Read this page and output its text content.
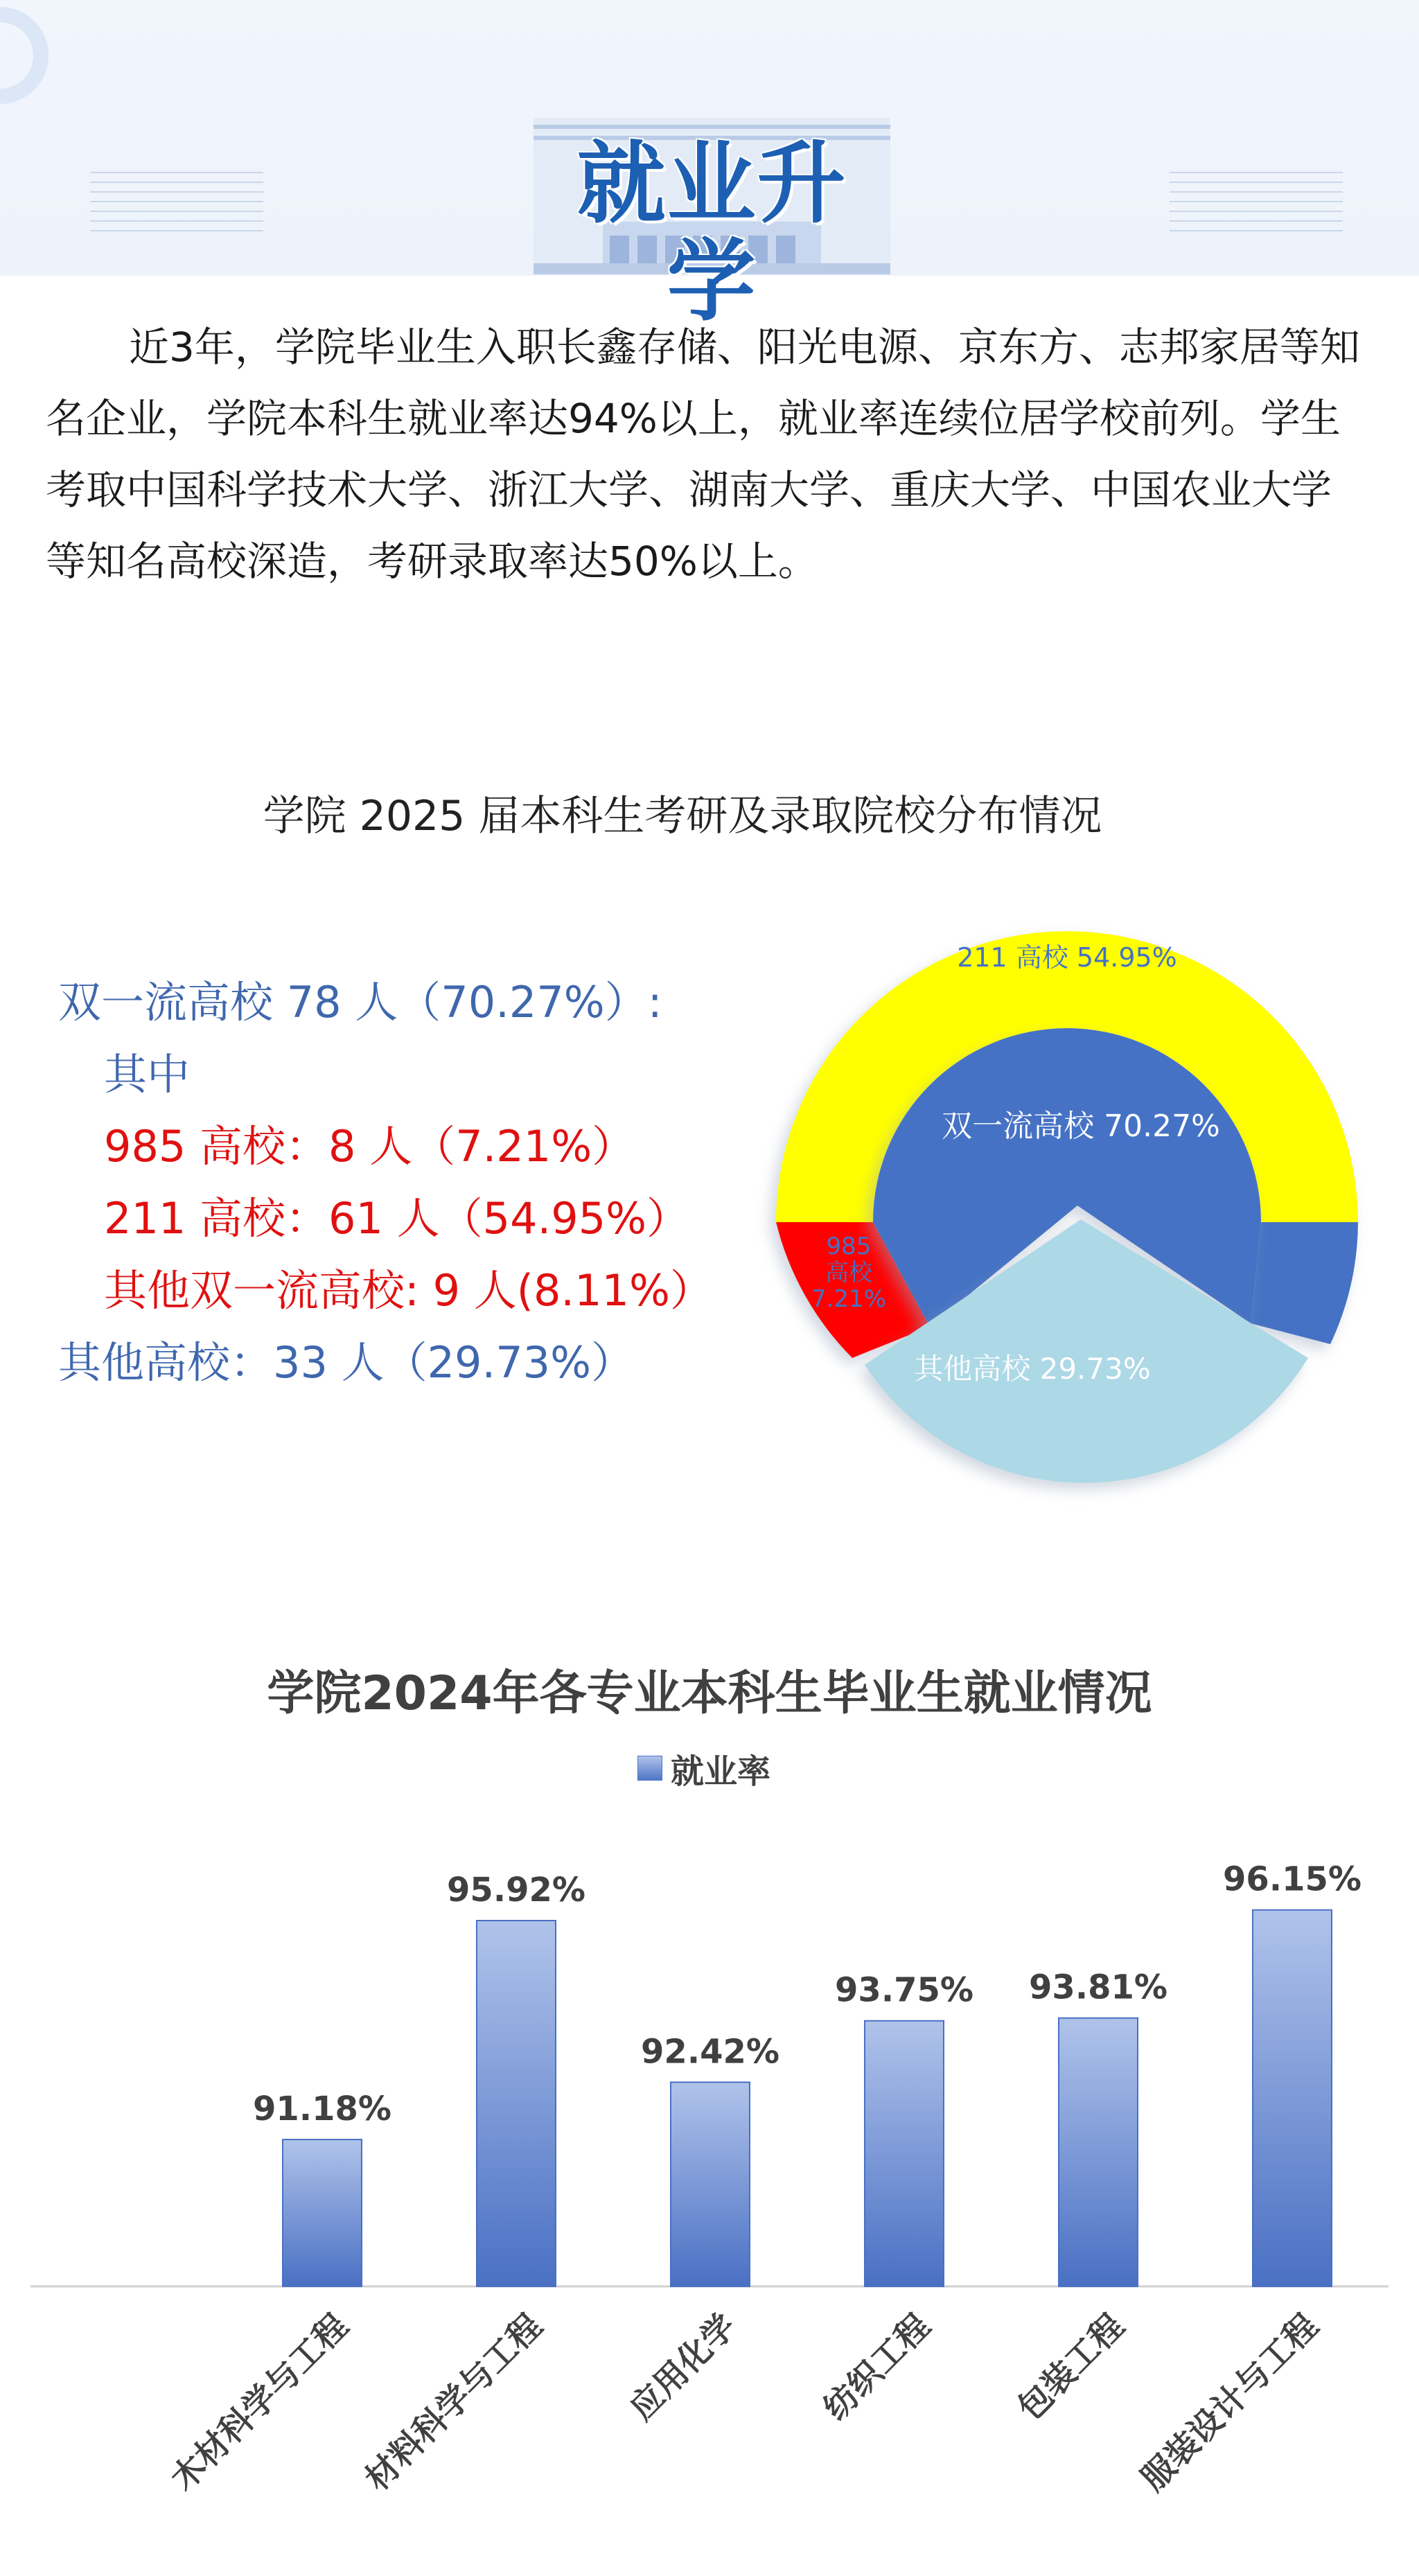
就业升学
近3年，学院毕业生入职长鑫存储、阳光电源、京东方、志邦家居等知名企业，学院本科生就业率达94%以上，就业率连续位居学校前列。学生考取中国科学技术大学、浙江大学、湖南大学、重庆大学、中国农业大学等知名高校深造，考研录取率达50%以上。
学院 2025 届本科生考研及录取院校分布情况
双一流高校 78 人（70.27%）:
其中
985 高校：8 人（7.21%）
211 高校：61 人（54.95%）
其他双一流高校: 9 人(8.11%）
其他高校：33 人（29.73%）
211 高校 54.95%
双一流高校 70.27%
985
高校
7.21%
其他高校 29.73%
学院2024年各专业本科生毕业生就业情况
就业率
91.18%
木材科学与工程
95.92%
材料科学与工程
92.42%
应用化学
93.75%
纺织工程
93.81%
包装工程
96.15%
服装设计与工程
